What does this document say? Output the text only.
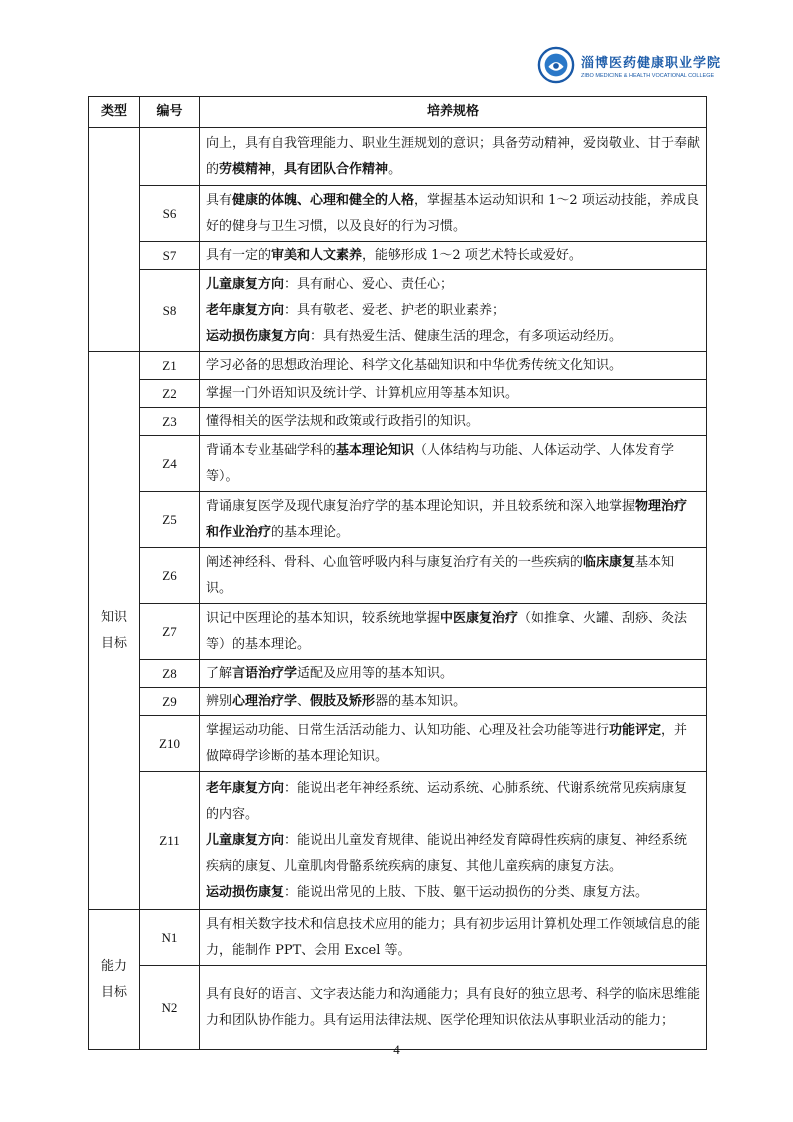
淄博医药健康职业学院
ZIBO MEDICINE & HEALTH VOCATIONAL COLLEGE
类型	编号	培养规格
		向上，具有自我管理能力、职业生涯规划的意识；具备劳动精神，爱岗敬业、甘于奉献的劳模精神，具有团队合作精神。
	S6	具有健康的体魄、心理和健全的人格，掌握基本运动知识和 1～2 项运动技能，养成良好的健身与卫生习惯，以及良好的行为习惯。
	S7	具有一定的审美和人文素养，能够形成 1～2 项艺术特长或爱好。
	S8	儿童康复方向：具有耐心、爱心、责任心；
老年康复方向：具有敬老、爱老、护老的职业素养；
运动损伤康复方向：具有热爱生活、健康生活的理念，有多项运动经历。

知识目标	Z1	学习必备的思想政治理论、科学文化基础知识和中华优秀传统文化知识。
	Z2	掌握一门外语知识及统计学、计算机应用等基本知识。
	Z3	懂得相关的医学法规和政策或行政指引的知识。
	Z4	背诵本专业基础学科的基本理论知识（人体结构与功能、人体运动学、人体发育学等）。
	Z5	背诵康复医学及现代康复治疗学的基本理论知识，并且较系统和深入地掌握物理治疗和作业治疗的基本理论。
	Z6	阐述神经科、骨科、心血管呼吸内科与康复治疗有关的一些疾病的临床康复基本知识。
	Z7	识记中医理论的基本知识，较系统地掌握中医康复治疗（如推拿、火罐、刮痧、灸法等）的基本理论。
	Z8	了解言语治疗学适配及应用等的基本知识。
	Z9	辨别心理治疗学、假肢及矫形器的基本知识。
	Z10	掌握运动功能、日常生活活动能力、认知功能、心理及社会功能等进行功能评定，并做障碍学诊断的基本理论知识。
	Z11	老年康复方向：能说出老年神经系统、运动系统、心肺系统、代谢系统常见疾病康复的内容。
儿童康复方向：能说出儿童发育规律、能说出神经发育障碍性疾病的康复、神经系统疾病的康复、儿童肌肉骨骼系统疾病的康复、其他儿童疾病的康复方法。
运动损伤康复：能说出常见的上肢、下肢、躯干运动损伤的分类、康复方法。

能力目标	N1	具有相关数字技术和信息技术应用的能力；具有初步运用计算机处理工作领域信息的能力，能制作 PPT、会用 Excel 等。
	N2	具有良好的语言、文字表达能力和沟通能力；具有良好的独立思考、科学的临床思维能力和团队协作能力。具有运用法律法规、医学伦理知识依法从事职业活动的能力；
4
